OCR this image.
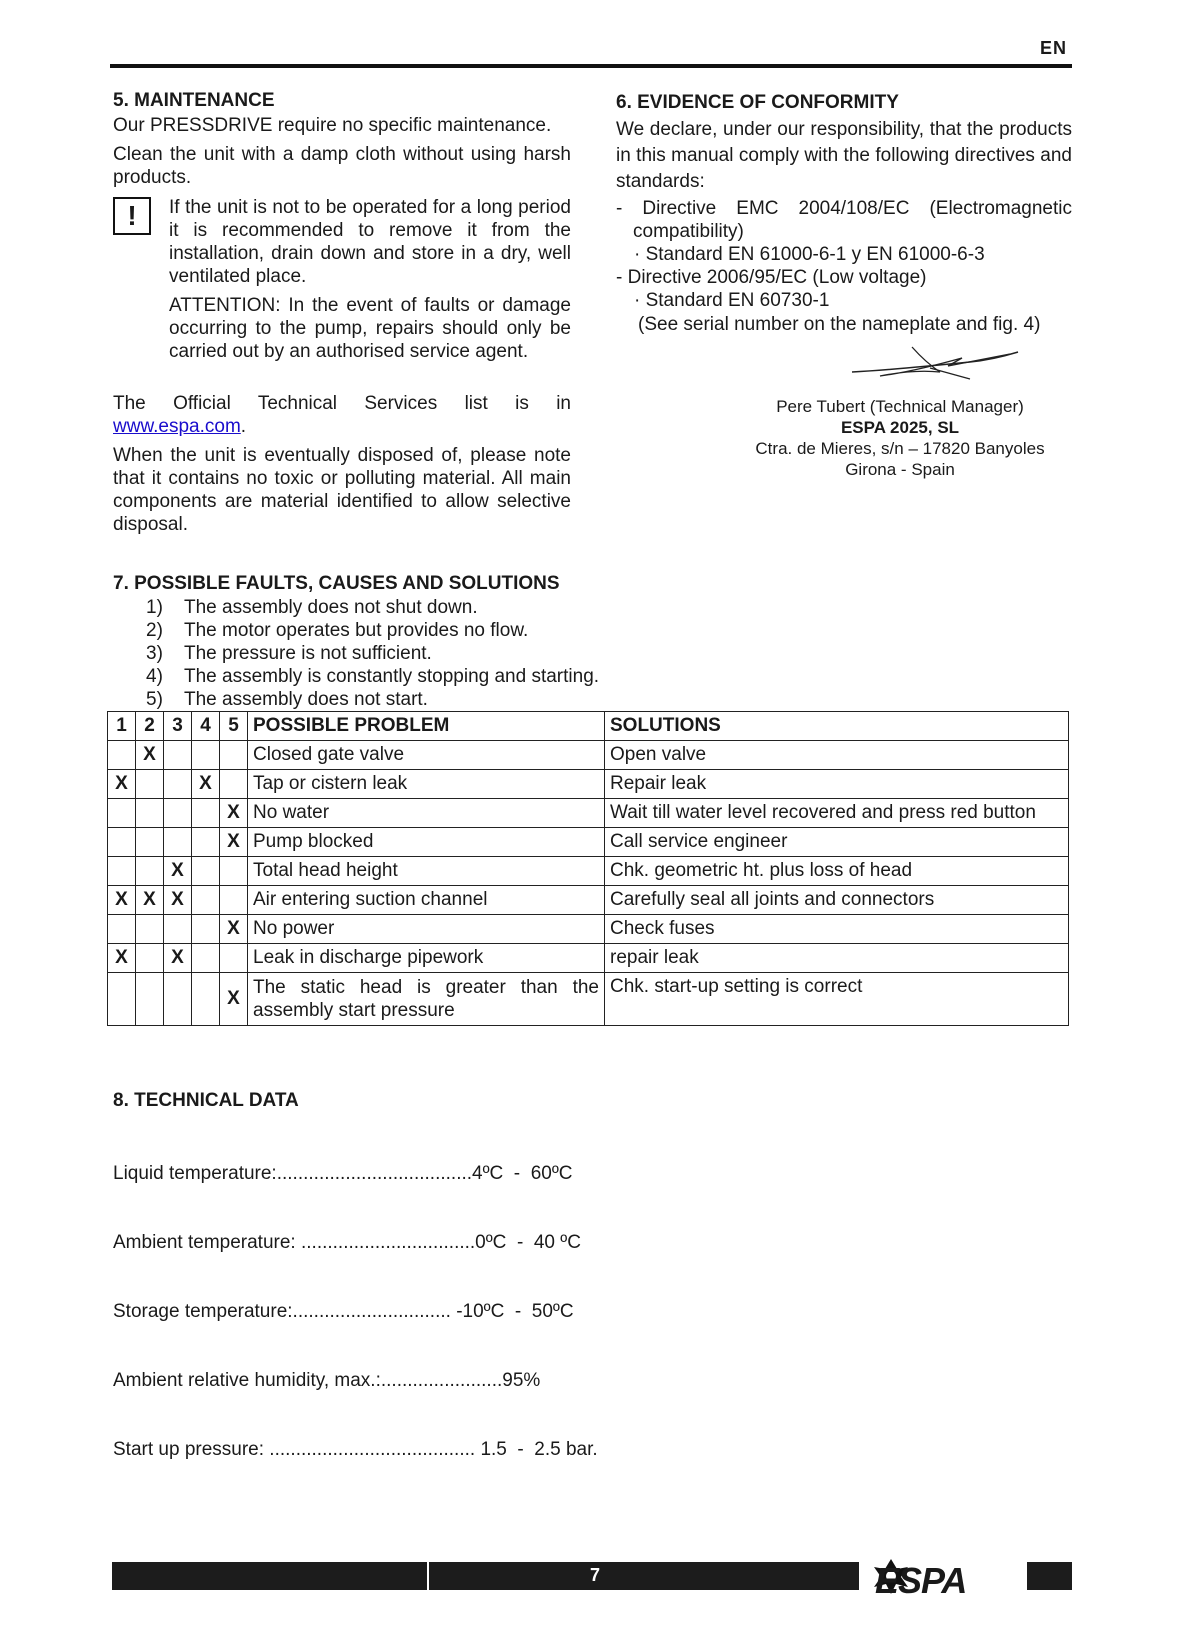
EN
5. MAINTENANCE
Our PRESSDRIVE require no specific maintenance.
Clean the unit with a damp cloth without using harsh products.
!	If the unit is not to be operated for a long period it is recommended to remove it from the installation, drain down and store in a dry, well ventilated place.
ATTENTION: In the event of faults or damage occurring to the pump, repairs should only be carried out by an authorised service agent.
The Official Technical Services list is in
www.espa.com.
When the unit is eventually disposed of, please note that it contains no toxic or polluting material. All main components are material identified to allow selective disposal.
6. EVIDENCE OF CONFORMITY
We declare, under our responsibility, that the products in this manual comply with the following directives and standards:
- Directive EMC 2004/108/EC (Electromagnetic compatibility)
· Standard EN 61000-6-1 y EN 61000-6-3
- Directive 2006/95/EC (Low voltage)
· Standard EN 60730-1
(See serial number on the nameplate and fig. 4)
Pere Tubert (Technical Manager)
ESPA 2025, SL
Ctra. de Mieres, s/n – 17820 Banyoles
Girona - Spain
7. POSSIBLE FAULTS, CAUSES AND SOLUTIONS
1) The assembly does not shut down.
2) The motor operates but provides no flow.
3) The pressure is not sufficient.
4) The assembly is constantly stopping and starting.
5) The assembly does not start.
1	2	3	4	5	POSSIBLE PROBLEM	SOLUTIONS
	X				Closed gate valve	Open valve
X			X		Tap or cistern leak	Repair leak
				X	No water	Wait till water level recovered and press red button
				X	Pump blocked	Call service engineer
		X			Total head height	Chk. geometric ht. plus loss of head
X	X	X			Air entering suction channel	Carefully seal all joints and connectors
				X	No power	Check fuses
X		X			Leak in discharge pipework	repair leak
				X	The static head is greater than the assembly start pressure	Chk. start-up setting is correct
8. TECHNICAL DATA

Liquid temperature:.....................................4ºC  -  60ºC

Ambient temperature: .................................0ºC  -  40 ºC

Storage temperature:.............................. -10ºC  -  50ºC

Ambient relative humidity, max.:.......................95%

Start up pressure: ....................................... 1.5  -  2.5 bar.

7	ESPA
